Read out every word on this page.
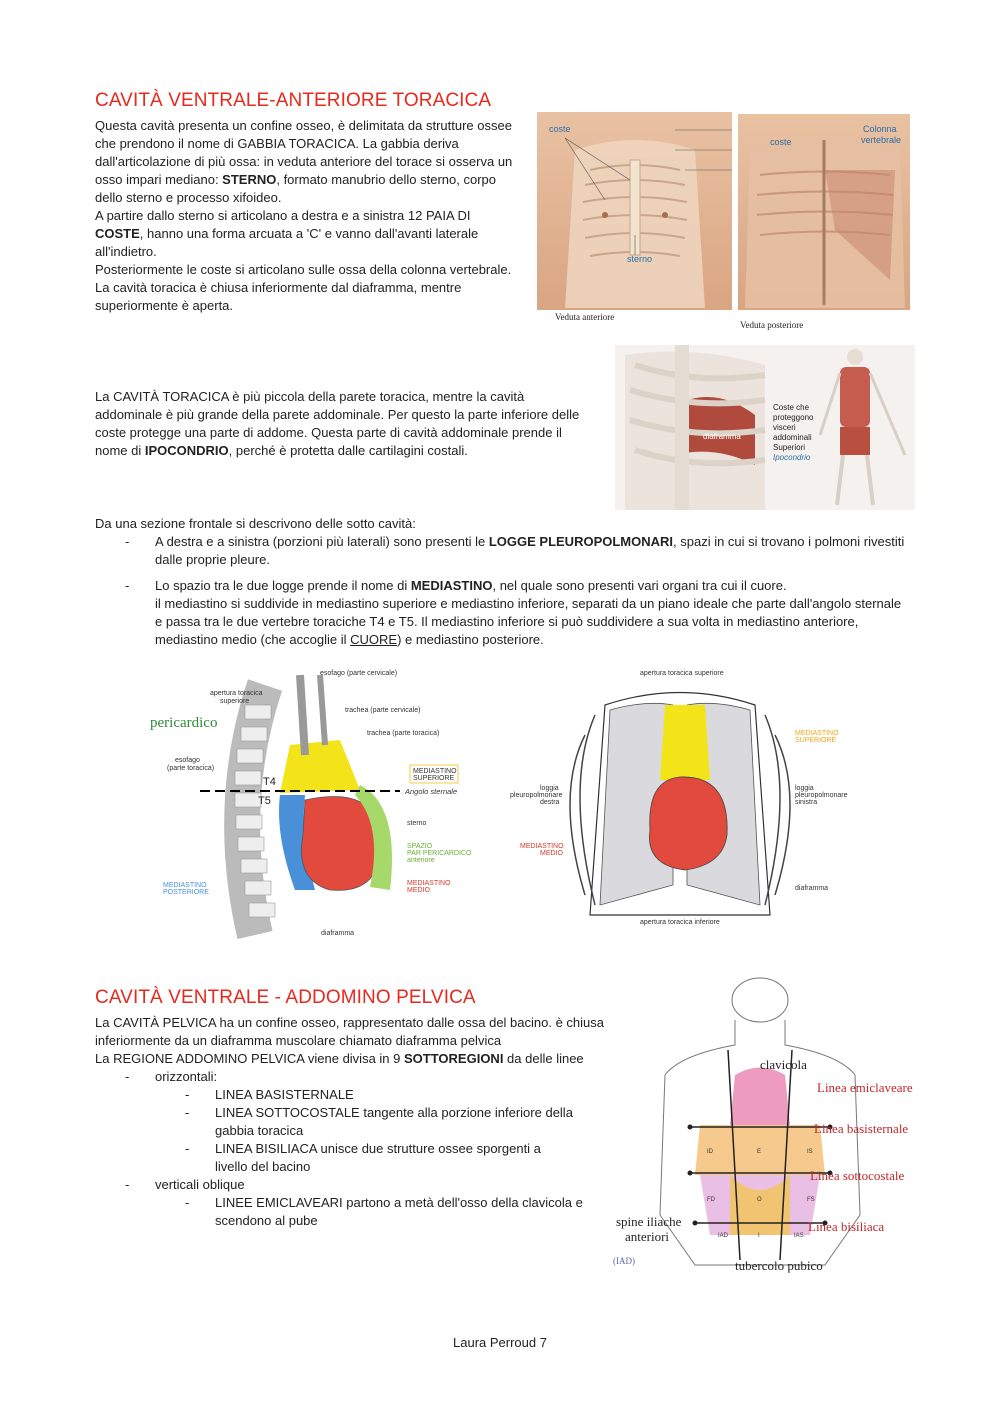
CAVITÀ VENTRALE-ANTERIORE TORACICA
Questa cavità presenta un confine osseo, è delimitata da strutture ossee che prendono il nome di GABBIA TORACICA. La gabbia deriva dall'articolazione di più ossa: in veduta anteriore del torace si osserva un osso impari mediano: STERNO, formato manubrio dello sterno, corpo dello sterno e processo xifoideo.
A partire dallo sterno si articolano a destra e a sinistra 12 PAIA DI COSTE, hanno una forma arcuata a 'C' e vanno dall'avanti laterale all'indietro.
Posteriormente le coste si articolano sulle ossa della colonna vertebrale.
La cavità toracica è chiusa inferiormente dal diaframma, mentre superiormente è aperta.
coste
sterno
Veduta anteriore
coste
Colonna
vertebrale
Veduta posteriore
La CAVITÀ TORACICA è più piccola della parete toracica, mentre la cavità addominale è più grande della parete addominale. Per questo la parte inferiore delle coste protegge una parte di addome. Questa parte di cavità addominale prende il nome di IPOCONDRIO, perché è protetta dalle cartilagini costali.
diaframma
Coste che
proteggono
visceri
addominali
Superiori
Ipocondrio
Da una sezione frontale si descrivono delle sotto cavità:
- A destra e a sinistra (porzioni più laterali) sono presenti le LOGGE PLEUROPOLMONARI, spazi in cui si trovano i polmoni rivestiti dalle proprie pleure.
- Lo spazio tra le due logge prende il nome di MEDIASTINO, nel quale sono presenti vari organi tra cui il cuore.
il mediastino si suddivide in mediastino superiore e mediastino inferiore, separati da un piano ideale che parte dall'angolo sternale e passa tra le due vertebre toraciche T4 e T5. Il mediastino inferiore si può suddividere a sua volta in mediastino anteriore, mediastino medio (che accoglie il CUORE) e mediastino posteriore.
pericardico
esofago (parte cervicale)
apertura toracica
superiore
trachea (parte cervicale)
trachea (parte toracica)
esofago
(parte toracica)
T4
T5
MEDIASTINO
SUPERIORE
Angolo sternale
sterno
SPAZIO
PAR PERICARDICO
anteriore
MEDIASTINO
POSTERIORE
MEDIASTINO
MEDIO
diaframma
apertura toracica superiore
MEDIASTINO
SUPERIORE
loggia
pleuropolmonare
destra
loggia
pleuropolmonare
sinistra
MEDIASTINO
MEDIO
diaframma
apertura toracica inferiore
CAVITÀ VENTRALE - ADDOMINO PELVICA
La CAVITÀ PELVICA ha un confine osseo, rappresentato dalle ossa del bacino. è chiusa inferiormente da un diaframma muscolare chiamato diaframma pelvica
La REGIONE ADDOMINO PELVICA viene divisa in 9 SOTTOREGIONI da delle linee
- orizzontali:
- LINEA BASISTERNALE
- LINEA SOTTOCOSTALE tangente alla porzione inferiore della gabbia toracica
- LINEA BISILIACA unisce due strutture ossee sporgenti a livello del bacino
- verticali oblique
- LINEE EMICLAVEARI partono a metà dell'osso della clavicola e scendono al pube
ID	E	IS
FD	O	FS
IAD	I	IAS
clavicola
Linea emiclaveare
Linea basisternale
Linea sottocostale
Linea bisiliaca
spine iliache
anteriori
(IAD)	tubercolo pubico
Laura Perroud 7
